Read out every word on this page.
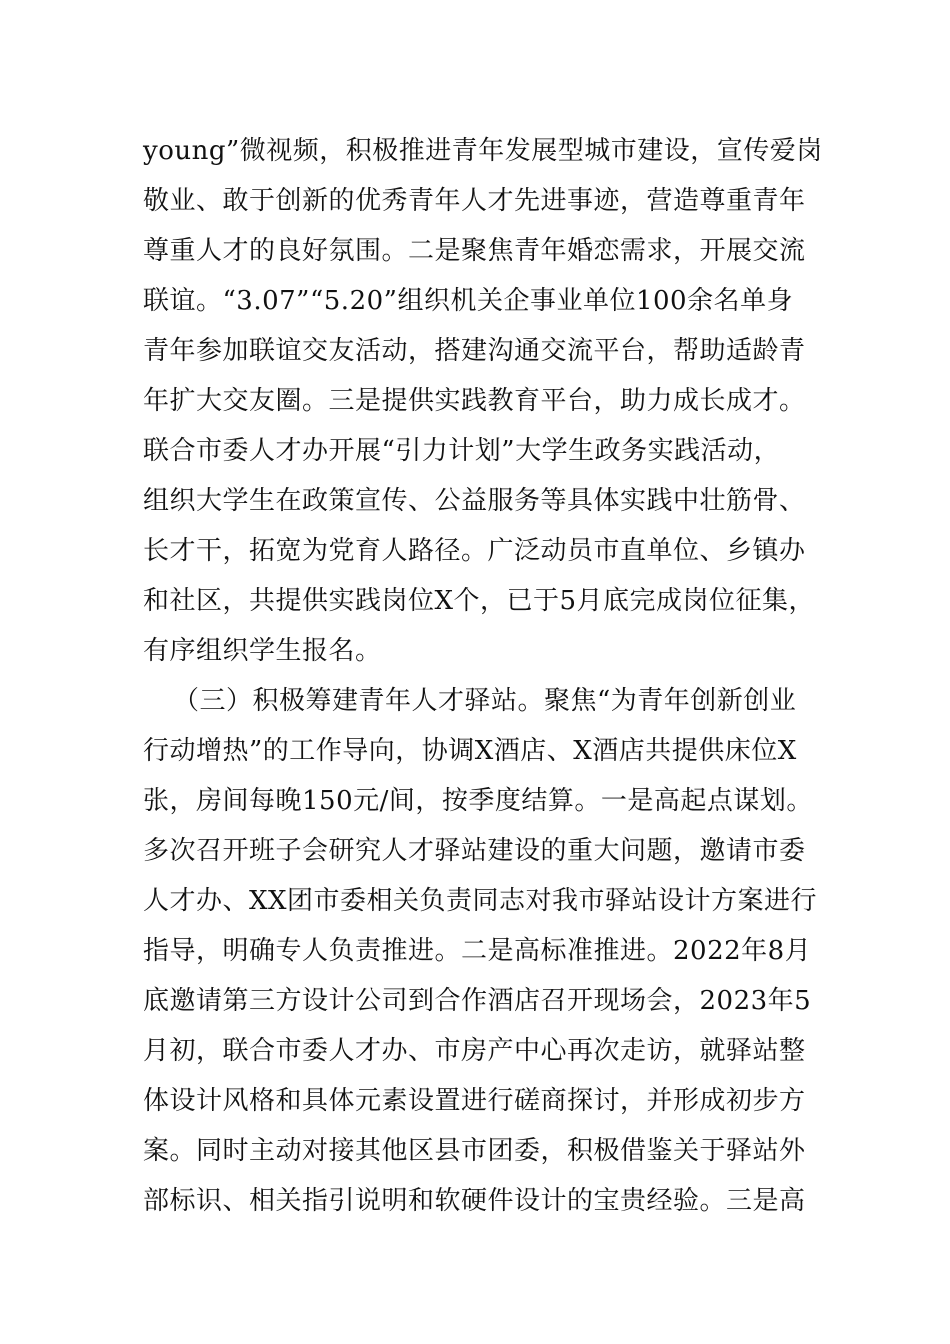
young”微视频，积极推进青年发展型城市建设，宣传爱岗
敬业、敢于创新的优秀青年人才先进事迹，营造尊重青年
尊重人才的良好氛围。二是聚焦青年婚恋需求，开展交流
联谊。“3.07”“5.20”组织机关企事业单位100余名单身
青年参加联谊交友活动，搭建沟通交流平台，帮助适龄青
年扩大交友圈。三是提供实践教育平台，助力成长成才。
联合市委人才办开展“引力计划”大学生政务实践活动，
组织大学生在政策宣传、公益服务等具体实践中壮筋骨、
长才干，拓宽为党育人路径。广泛动员市直单位、乡镇办
和社区，共提供实践岗位X个，已于5月底完成岗位征集，
有序组织学生报名。
（三）积极筹建青年人才驿站。聚焦“为青年创新创业
行动增热”的工作导向，协调X酒店、X酒店共提供床位X
张，房间每晚150元/间，按季度结算。一是高起点谋划。
多次召开班子会研究人才驿站建设的重大问题，邀请市委
人才办、XX团市委相关负责同志对我市驿站设计方案进行
指导，明确专人负责推进。二是高标准推进。2022年8月
底邀请第三方设计公司到合作酒店召开现场会，2023年5
月初，联合市委人才办、市房产中心再次走访，就驿站整
体设计风格和具体元素设置进行磋商探讨，并形成初步方
案。同时主动对接其他区县市团委，积极借鉴关于驿站外
部标识、相关指引说明和软硬件设计的宝贵经验。三是高
